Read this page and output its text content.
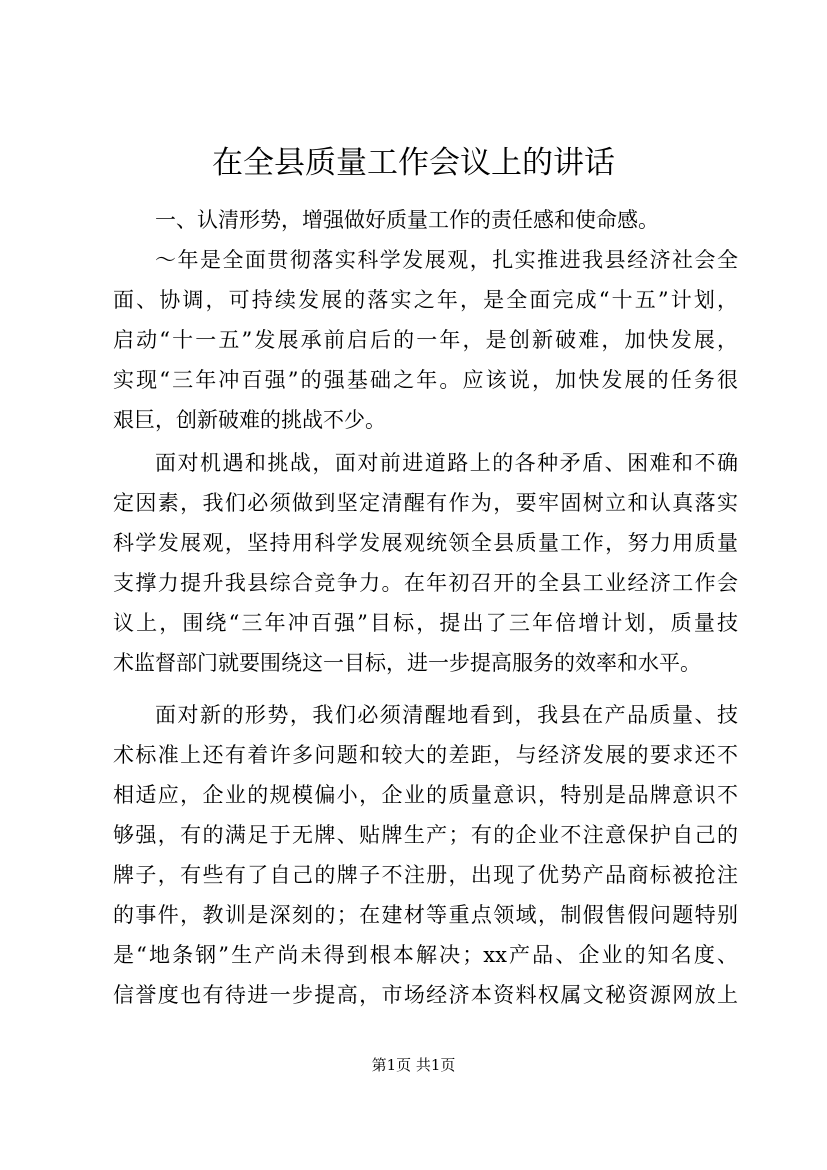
在全县质量工作会议上的讲话
一、认清形势，增强做好质量工作的责任感和使命感。
～年是全面贯彻落实科学发展观，扎实推进我县经济社会全
面、协调，可持续发展的落实之年，是全面完成“十五”计划，
启动“十一五”发展承前启后的一年，是创新破难，加快发展，
实现“三年冲百强”的强基础之年。应该说，加快发展的任务很
艰巨，创新破难的挑战不少。
面对机遇和挑战，面对前进道路上的各种矛盾、困难和不确
定因素，我们必须做到坚定清醒有作为，要牢固树立和认真落实
科学发展观，坚持用科学发展观统领全县质量工作，努力用质量
支撑力提升我县综合竞争力。在年初召开的全县工业经济工作会
议上，围绕“三年冲百强”目标，提出了三年倍增计划，质量技
术监督部门就要围绕这一目标，进一步提高服务的效率和水平。
面对新的形势，我们必须清醒地看到，我县在产品质量、技
术标准上还有着许多问题和较大的差距，与经济发展的要求还不
相适应，企业的规模偏小，企业的质量意识，特别是品牌意识不
够强，有的满足于无牌、贴牌生产；有的企业不注意保护自己的
牌子，有些有了自己的牌子不注册，出现了优势产品商标被抢注
的事件，教训是深刻的；在建材等重点领域，制假售假问题特别
是“地条钢”生产尚未得到根本解决；xx产品、企业的知名度、
信誉度也有待进一步提高，市场经济本资料权属文秘资源网放上
第1页 共1页
